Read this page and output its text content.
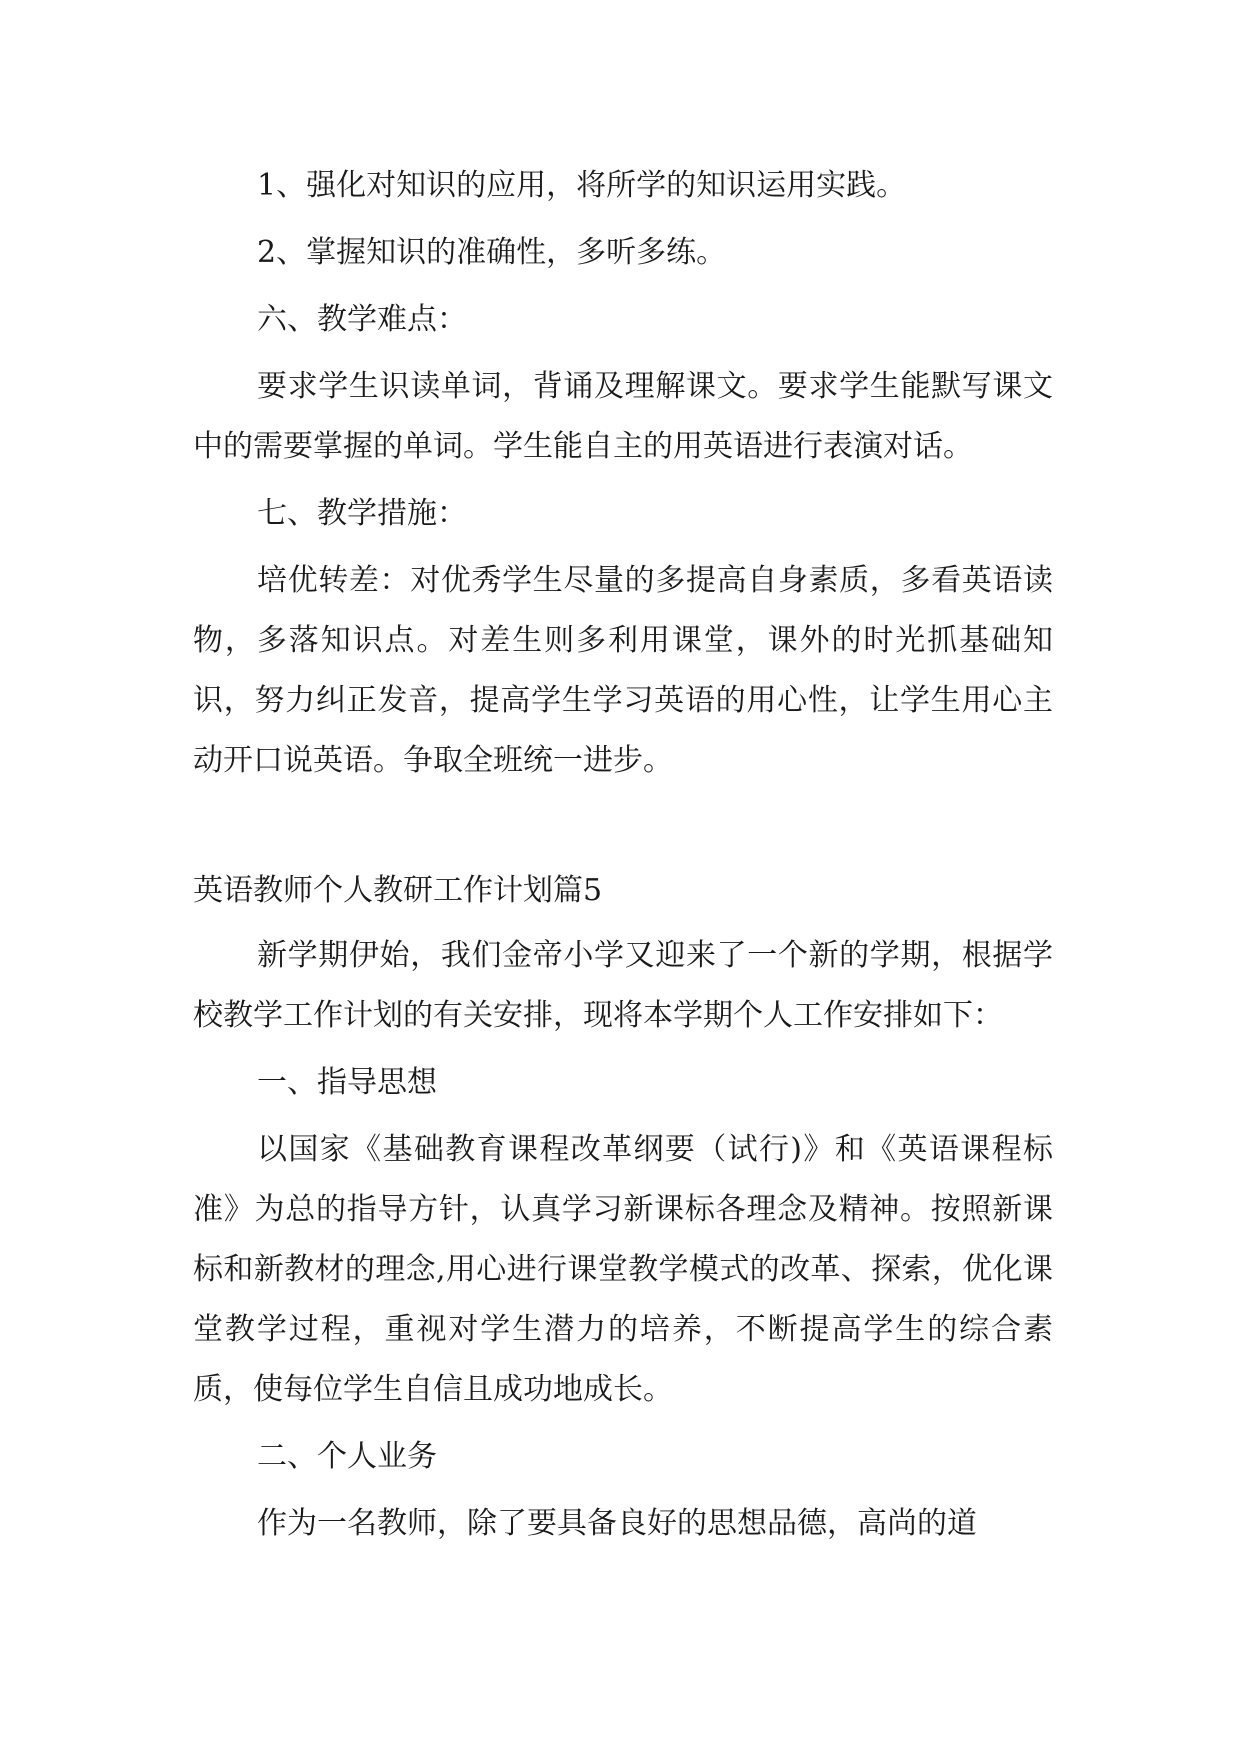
1、强化对知识的应用，将所学的知识运用实践。

2、掌握知识的准确性，多听多练。

六、教学难点：

要求学生识读单词，背诵及理解课文。要求学生能默写课文中的需要掌握的单词。学生能自主的用英语进行表演对话。

七、教学措施：

培优转差：对优秀学生尽量的多提高自身素质，多看英语读物，多落知识点。对差生则多利用课堂，课外的时光抓基础知识，努力纠正发音，提高学生学习英语的用心性，让学生用心主动开口说英语。争取全班统一进步。

英语教师个人教研工作计划篇5

新学期伊始，我们金帝小学又迎来了一个新的学期，根据学校教学工作计划的有关安排，现将本学期个人工作安排如下：

一、指导思想

以国家《基础教育课程改革纲要（试行)》和《英语课程标准》为总的指导方针，认真学习新课标各理念及精神。按照新课标和新教材的理念,用心进行课堂教学模式的改革、探索，优化课堂教学过程，重视对学生潜力的培养，不断提高学生的综合素质，使每位学生自信且成功地成长。

二、个人业务

作为一名教师，除了要具备良好的思想品德，高尚的道
